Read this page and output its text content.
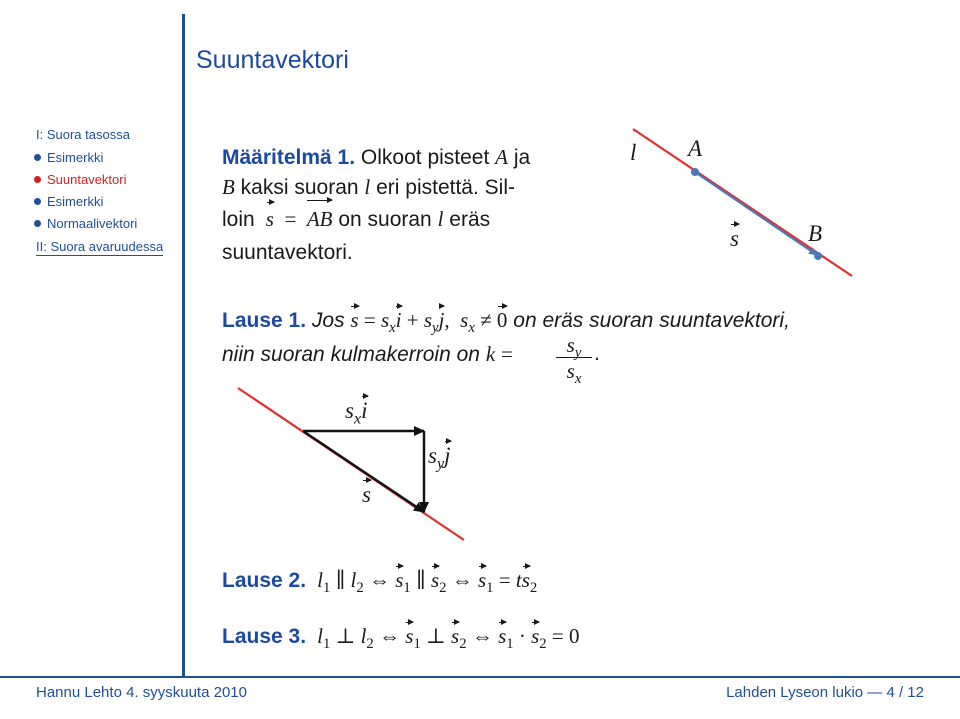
Suuntavektori
I: Suora tasossa
Esimerkki
Suuntavektori
Esimerkki
Normaalivektori
II: Suora avaruudessa
Määritelmä 1. Olkoot pisteet A ja
B kaksi suoran l eri pistettä. Sil-
loin s = AB on suoran l eräs
suuntavektori.
l A
B
s
Lause 1. Jos $s = s_xi + s_yj$,  $s_x \ne 0$ on eräs suoran suuntavektori,
niin suoran kulmakerroin on $k = \frac{s_y}{s_x}$ .
$s_xi$
$s_yj$
s
Lause 2.  $l_1$ ∥ $l_2$ ⇔ $s_1$ ∥ $s_2$ ⇔ $s_1 = ts_2$
Lause 3.  $l_1$ ⊥ $l_2$ ⇔ $s_1$ ⊥ $s_2$ ⇔ $s_1 \cdot s_2 = 0$
Hannu Lehto 4. syyskuuta 2010	Lahden Lyseon lukio — 4 / 12
